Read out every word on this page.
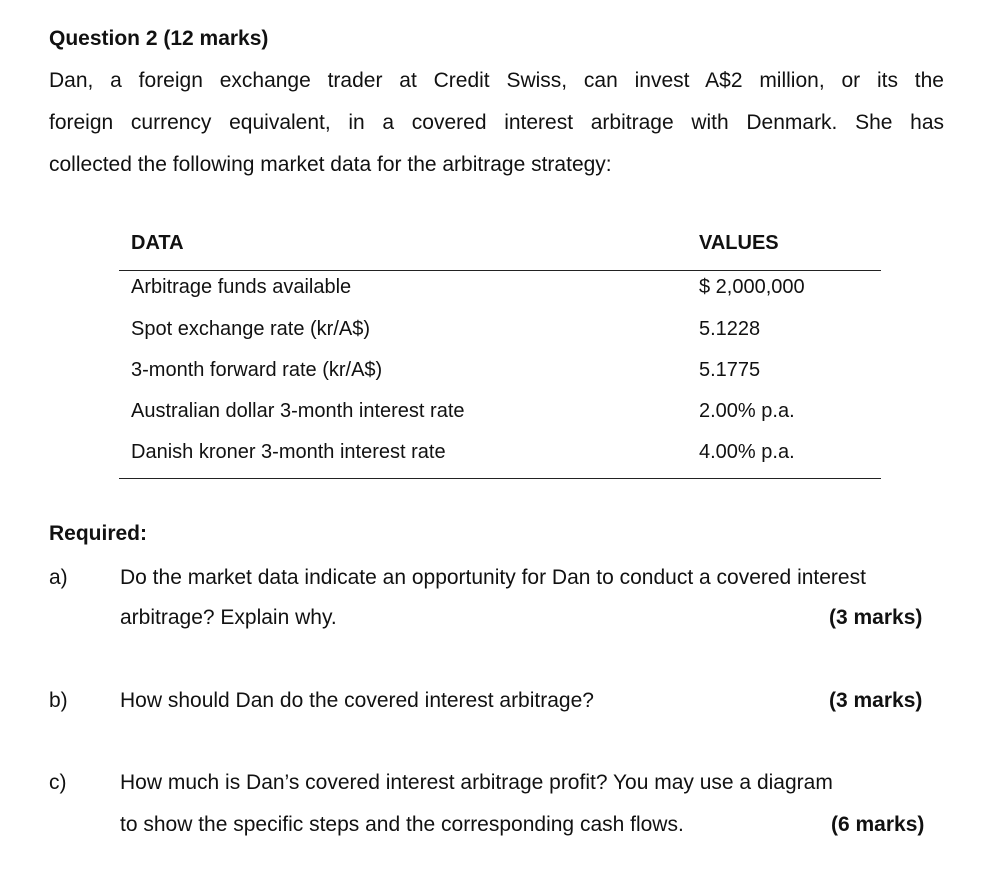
Question 2 (12 marks)
Dan, a foreign exchange trader at Credit Swiss, can invest A$2 million, or its the
foreign currency equivalent, in a covered interest arbitrage with Denmark. She has
collected the following market data for the arbitrage strategy:
DATA	VALUES
Arbitrage funds available	$ 2,000,000
Spot exchange rate (kr/A$)	5.1228
3-month forward rate (kr/A$)	5.1775
Australian dollar 3-month interest rate	2.00% p.a.
Danish kroner 3-month interest rate	4.00% p.a.
Required:
a) Do the market data indicate an opportunity for Dan to conduct a covered interest
arbitrage? Explain why.	(3 marks)
b) How should Dan do the covered interest arbitrage?	(3 marks)
c)	How much is Dan’s covered interest arbitrage profit? You may use a diagram
to show the specific steps and the corresponding cash flows.	(6 marks)
